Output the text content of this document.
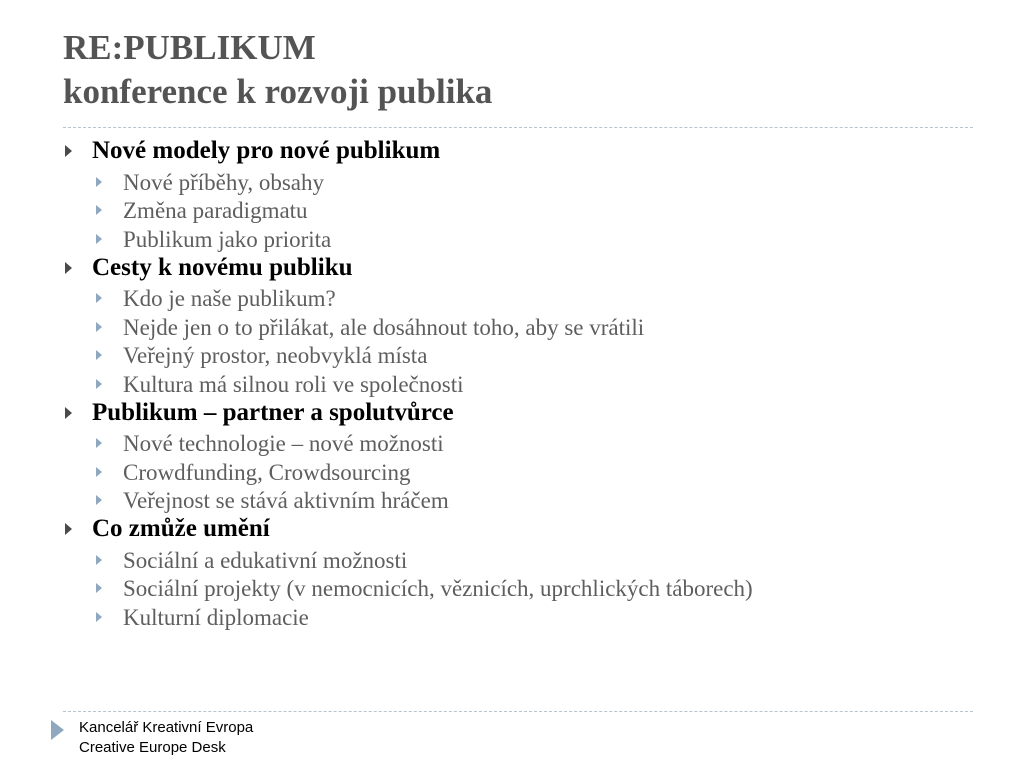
RE:PUBLIKUM
konference k rozvoji publika
Nové modely pro nové publikum
Nové příběhy, obsahy
Změna paradigmatu
Publikum jako priorita
Cesty k novému publiku
Kdo je naše publikum?
Nejde jen o to přilákat, ale dosáhnout toho, aby se vrátili
Veřejný prostor, neobvyklá místa
Kultura má silnou roli ve společnosti
Publikum – partner a spolutvůrce
Nové technologie – nové možnosti
Crowdfunding, Crowdsourcing
Veřejnost se stává aktivním hráčem
Co zmůže umění
Sociální a edukativní možnosti
Sociální projekty (v nemocnicích, věznicích, uprchlických táborech)
Kulturní diplomacie
Kancelář Kreativní Evropa
Creative Europe Desk
